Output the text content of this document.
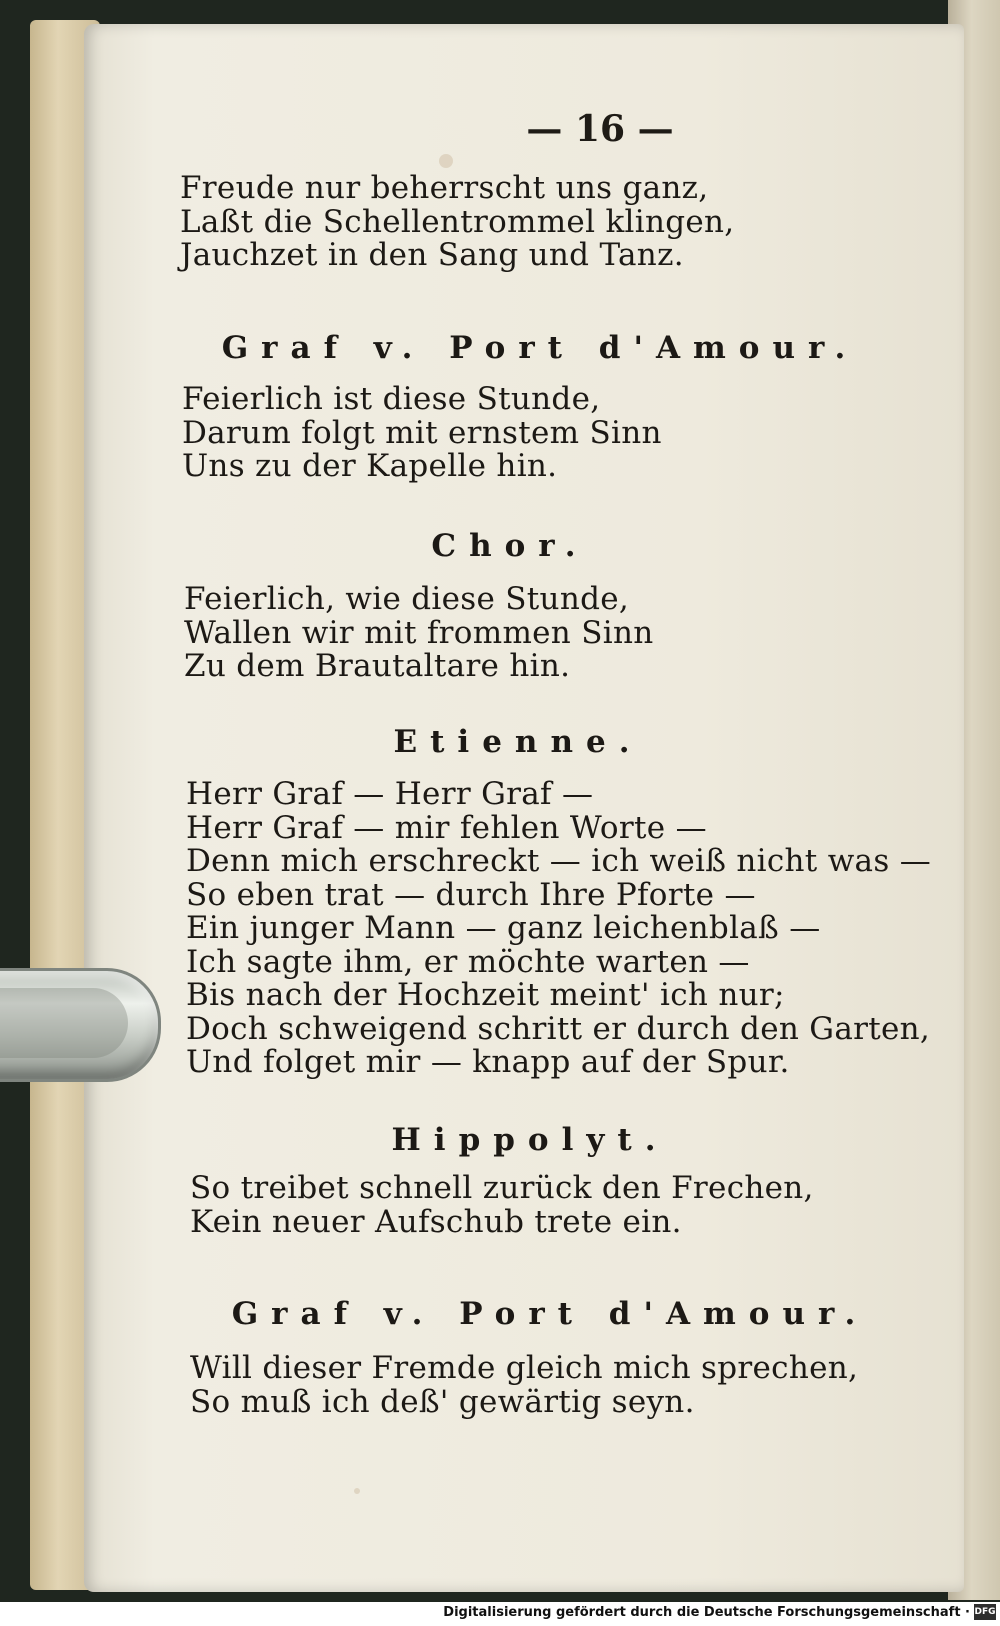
— 16 —
Freude nur beherrscht uns ganz,
Laßt die Schellentrommel klingen,
Jauchzet in den Sang und Tanz.
Graf v. Port d'Amour.
Feierlich ist diese Stunde,
Darum folgt mit ernstem Sinn
Uns zu der Kapelle hin.
Chor.
Feierlich, wie diese Stunde,
Wallen wir mit frommen Sinn
Zu dem Brautaltare hin.
Etienne.
Herr Graf — Herr Graf —
Herr Graf — mir fehlen Worte —
Denn mich erschreckt — ich weiß nicht was —
So eben trat — durch Ihre Pforte —
Ein junger Mann — ganz leichenblaß —
Ich sagte ihm, er möchte warten —
Bis nach der Hochzeit meint' ich nur;
Doch schweigend schritt er durch den Garten,
Und folget mir — knapp auf der Spur.
Hippolyt.
So treibet schnell zurück den Frechen,
Kein neuer Aufschub trete ein.
Graf v. Port d'Amour.
Will dieser Fremde gleich mich sprechen,
So muß ich deß' gewärtig seyn.
Digitalisierung gefördert durch die Deutsche Forschungsgemeinschaft · DFG
